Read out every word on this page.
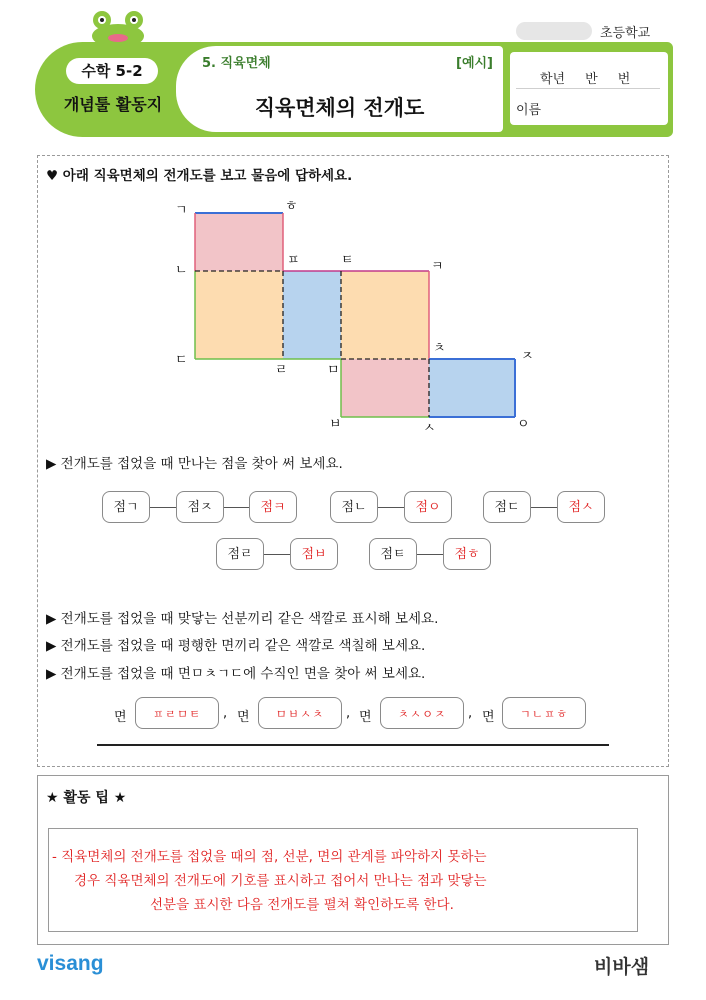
초등학교
수학 5-2
개념툴 활동지
5. 직육면체	[예시]
직육면체의 전개도
학년 반 번
이름
♥ 아래 직육면체의 전개도를 보고 물음에 답하세요.
ㄱ	ㅎ
ㄴ
ㅍ	ㅌ	ㅋ
ㄷ
ㄹ	ㅁ
ㅊ
ㅈ
ㅂ	ㅅ	ㅇ
▶ 전개도를 접었을 때 만나는 점을 찾아 써 보세요.
점ㄱ	점ㅈ	점ㅋ	점ㄴ	점ㅇ	점ㄷ	점ㅅ
점ㄹ	점ㅂ	점ㅌ	점ㅎ
▶ 전개도를 접었을 때 맞닿는 선분끼리 같은 색깔로 표시해 보세요.
▶ 전개도를 접었을 때 평행한 면끼리 같은 색깔로 색칠해 보세요.
▶ 전개도를 접었을 때 면ㅁㅊㄱㄷ에 수직인 면을 찾아 써 보세요.
면	ㅍㄹㅁㅌ	, 면	ㅁㅂㅅㅊ	, 면	ㅊㅅㅇㅈ	, 면	ㄱㄴㅍㅎ
★ 활동 팁 ★
- 직육면체의 전개도를 접었을 때의 점, 선분, 면의 관계를 파악하지 못하는
경우 직육면체의 전개도에 기호를 표시하고 접어서 만나는 점과 맞닿는
선분을 표시한 다음 전개도를 펼쳐 확인하도록 한다.
visang	비바샘
